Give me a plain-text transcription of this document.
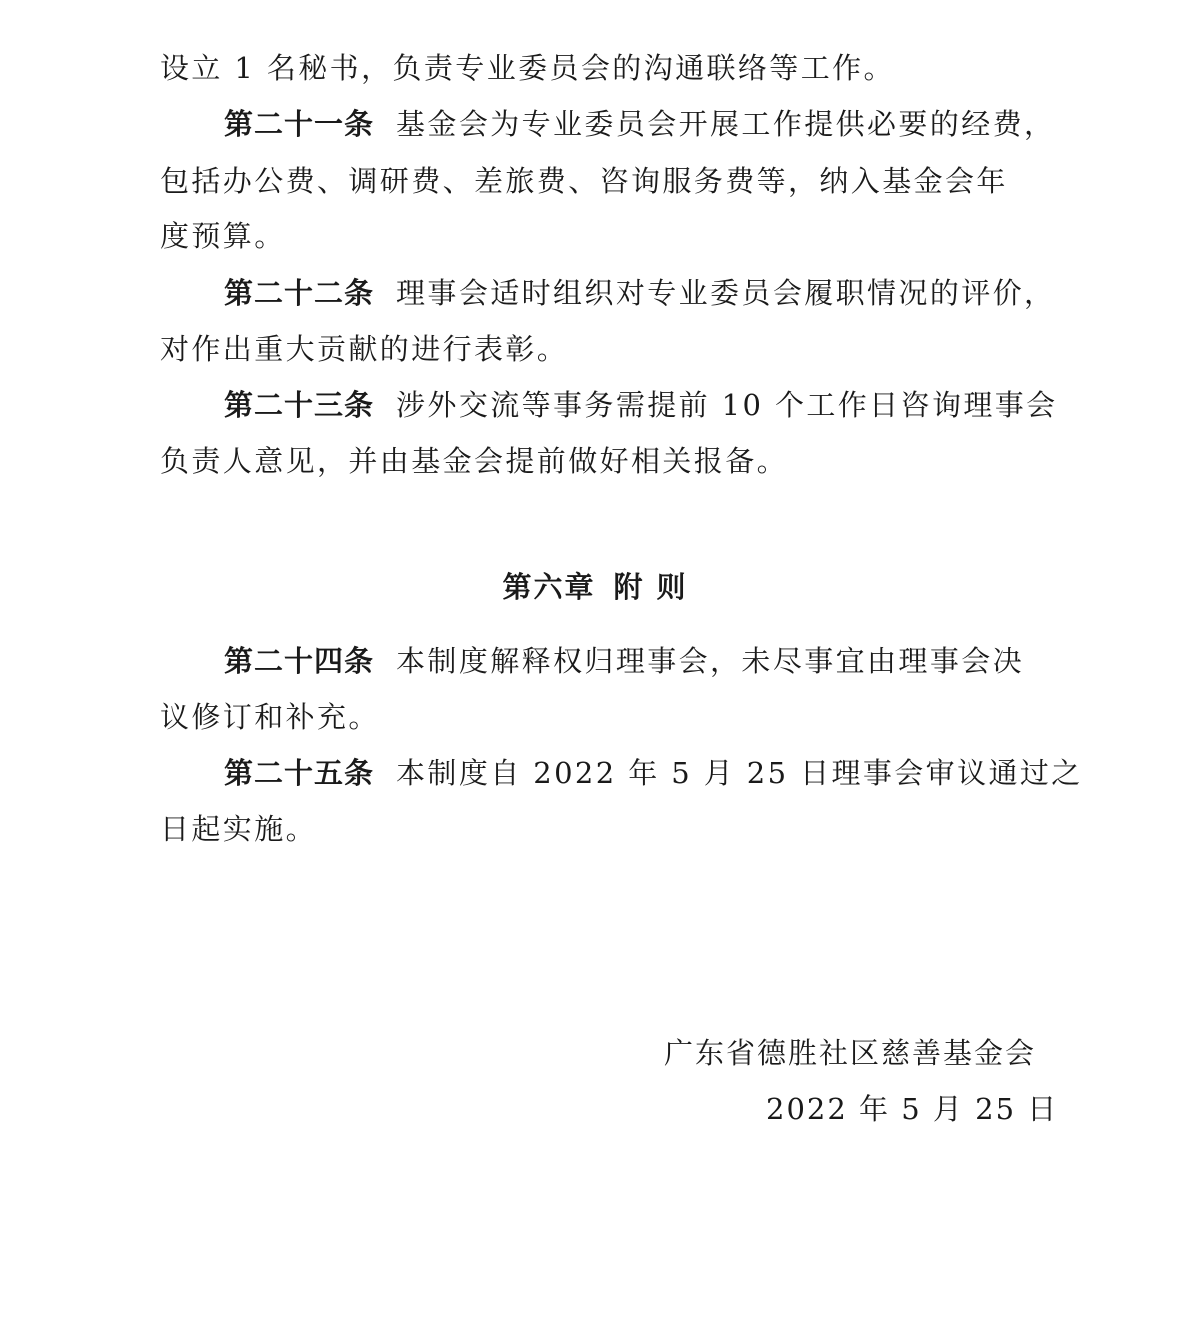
设立 1 名秘书，负责专业委员会的沟通联络等工作。
第二十一条 基金会为专业委员会开展工作提供必要的经费，
包括办公费、调研费、差旅费、咨询服务费等，纳入基金会年
度预算。
第二十二条 理事会适时组织对专业委员会履职情况的评价，
对作出重大贡献的进行表彰。
第二十三条 涉外交流等事务需提前 10 个工作日咨询理事会
负责人意见，并由基金会提前做好相关报备。
第六章 附 则
第二十四条 本制度解释权归理事会，未尽事宜由理事会决
议修订和补充。
第二十五条 本制度自 2022 年 5 月 25 日理事会审议通过之
日起实施。
广东省德胜社区慈善基金会
2022 年 5 月 25 日
